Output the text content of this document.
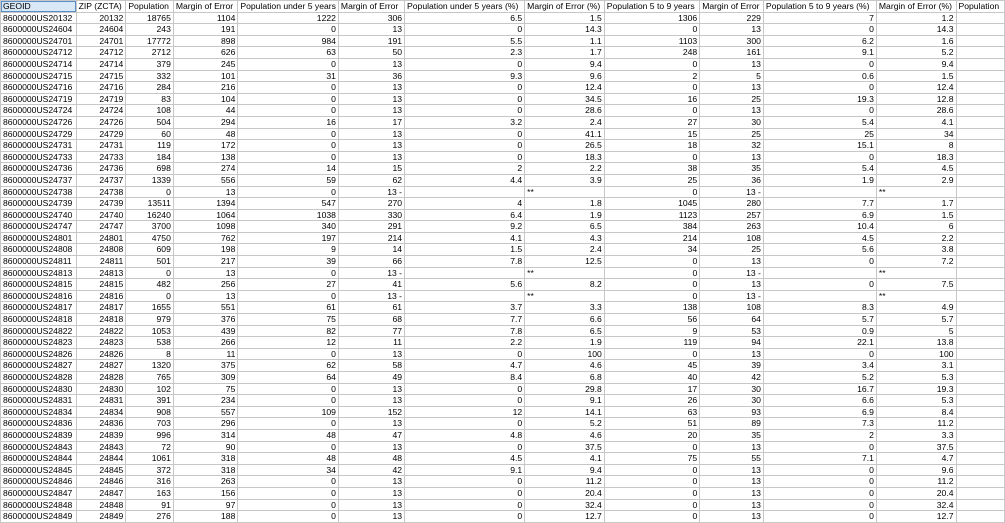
GEOID	ZIP (ZCTA)	Population	Margin of Error	Population under 5 years	Margin of Error	Population under 5 years (%)	Margin of Error (%)	Population 5 to 9 years	Margin of Error	Population 5 to 9 years (%)	Margin of Error (%)	Population
8600000US20132	20132	18765	1104	1222	306	6.5	1.5	1306	229	7	1.2	
8600000US24604	24604	243	191	0	13	0	14.3	0	13	0	14.3	
8600000US24701	24701	17772	898	984	191	5.5	1.1	1103	300	6.2	1.6	
8600000US24712	24712	2712	626	63	50	2.3	1.7	248	161	9.1	5.2	
8600000US24714	24714	379	245	0	13	0	9.4	0	13	0	9.4	
8600000US24715	24715	332	101	31	36	9.3	9.6	2	5	0.6	1.5	
8600000US24716	24716	284	216	0	13	0	12.4	0	13	0	12.4	
8600000US24719	24719	83	104	0	13	0	34.5	16	25	19.3	12.8	
8600000US24724	24724	108	44	0	13	0	28.6	0	13	0	28.6	
8600000US24726	24726	504	294	16	17	3.2	2.4	27	30	5.4	4.1	
8600000US24729	24729	60	48	0	13	0	41.1	15	25	25	34	
8600000US24731	24731	119	172	0	13	0	26.5	18	32	15.1	8	
8600000US24733	24733	184	138	0	13	0	18.3	0	13	0	18.3	
8600000US24736	24736	698	274	14	15	2	2.2	38	35	5.4	4.5	
8600000US24737	24737	1339	556	59	62	4.4	3.9	25	36	1.9	2.9	
8600000US24738	24738	0	13	0	13 -		**	0	13 -		**	
8600000US24739	24739	13511	1394	547	270	4	1.8	1045	280	7.7	1.7	
8600000US24740	24740	16240	1064	1038	330	6.4	1.9	1123	257	6.9	1.5	
8600000US24747	24747	3700	1098	340	291	9.2	6.5	384	263	10.4	6	
8600000US24801	24801	4750	762	197	214	4.1	4.3	214	108	4.5	2.2	
8600000US24808	24808	609	198	9	14	1.5	2.4	34	25	5.6	3.8	
8600000US24811	24811	501	217	39	66	7.8	12.5	0	13	0	7.2	
8600000US24813	24813	0	13	0	13 -		**	0	13 -		**	
8600000US24815	24815	482	256	27	41	5.6	8.2	0	13	0	7.5	
8600000US24816	24816	0	13	0	13 -		**	0	13 -		**	
8600000US24817	24817	1655	551	61	61	3.7	3.3	138	108	8.3	4.9	
8600000US24818	24818	979	376	75	68	7.7	6.6	56	64	5.7	5.7	
8600000US24822	24822	1053	439	82	77	7.8	6.5	9	53	0.9	5	
8600000US24823	24823	538	266	12	11	2.2	1.9	119	94	22.1	13.8	
8600000US24826	24826	8	11	0	13	0	100	0	13	0	100	
8600000US24827	24827	1320	375	62	58	4.7	4.6	45	39	3.4	3.1	
8600000US24828	24828	765	309	64	49	8.4	6.8	40	42	5.2	5.3	
8600000US24830	24830	102	75	0	13	0	29.8	17	30	16.7	19.3	
8600000US24831	24831	391	234	0	13	0	9.1	26	30	6.6	5.3	
8600000US24834	24834	908	557	109	152	12	14.1	63	93	6.9	8.4	
8600000US24836	24836	703	296	0	13	0	5.2	51	89	7.3	11.2	
8600000US24839	24839	996	314	48	47	4.8	4.6	20	35	2	3.3	
8600000US24843	24843	72	90	0	13	0	37.5	0	13	0	37.5	
8600000US24844	24844	1061	318	48	48	4.5	4.1	75	55	7.1	4.7	
8600000US24845	24845	372	318	34	42	9.1	9.4	0	13	0	9.6	
8600000US24846	24846	316	263	0	13	0	11.2	0	13	0	11.2	
8600000US24847	24847	163	156	0	13	0	20.4	0	13	0	20.4	
8600000US24848	24848	91	97	0	13	0	32.4	0	13	0	32.4	
8600000US24849	24849	276	188	0	13	0	12.7	0	13	0	12.7	
